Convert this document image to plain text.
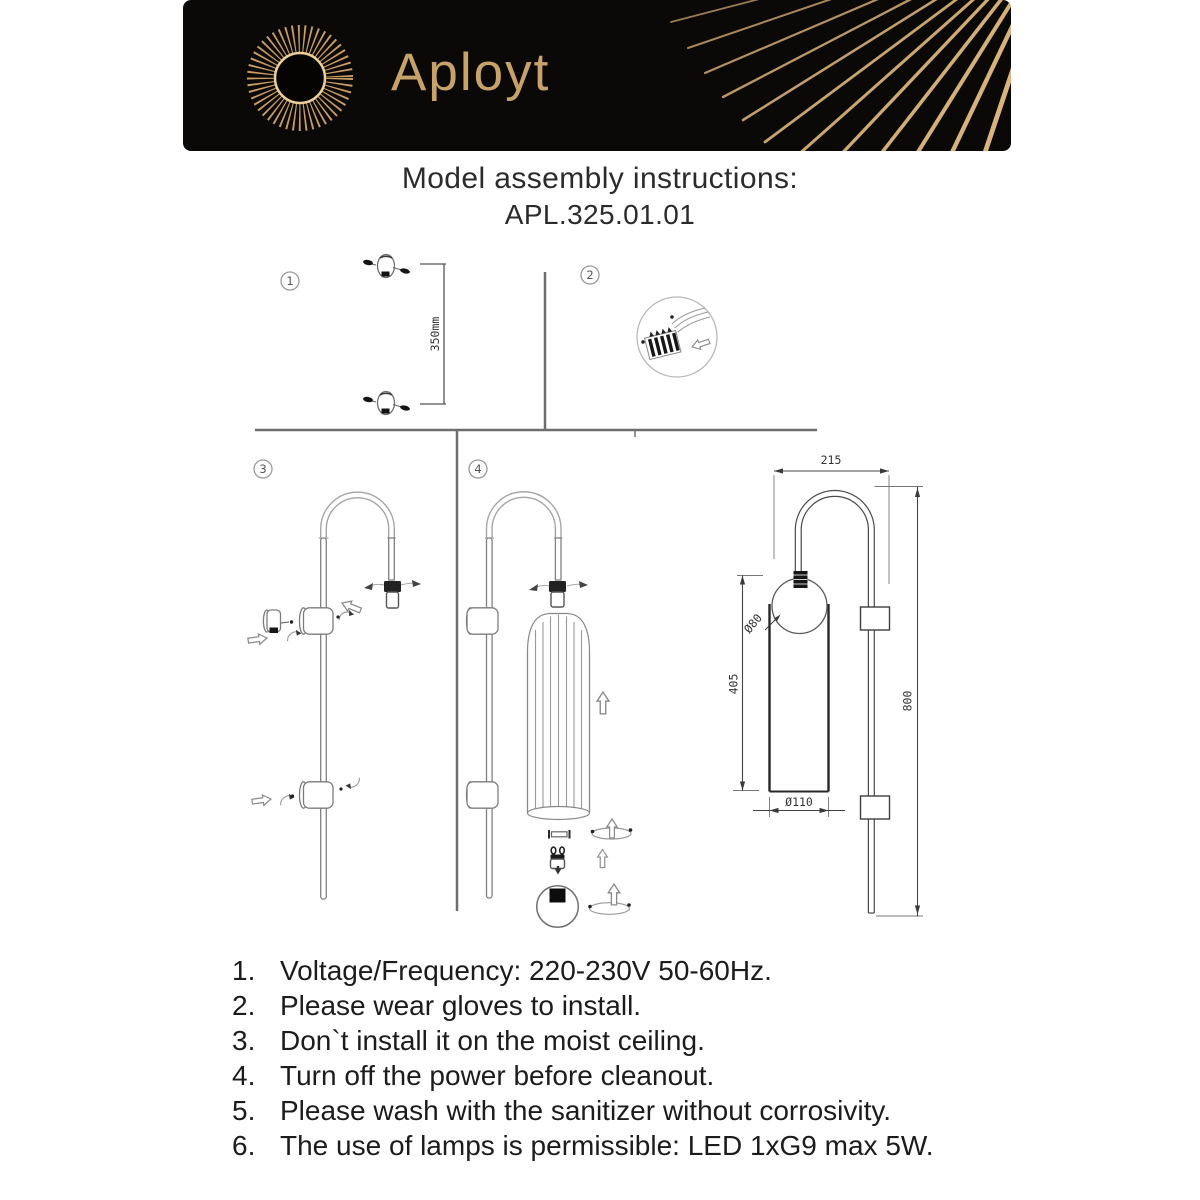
Aployt
Model assembly instructions:
APL.325.01.01
1
350mm
2
3	4
215
Ø80
405
Ø110
800
1. Voltage/Frequency: 220-230V 50-60Hz.
2. Please wear gloves to install.
3. Don`t install it on the moist ceiling.
4. Turn off the power before cleanout.
5. Please wash with the sanitizer without corrosivity.
6. The use of lamps is permissible: LED 1xG9 max 5W.
